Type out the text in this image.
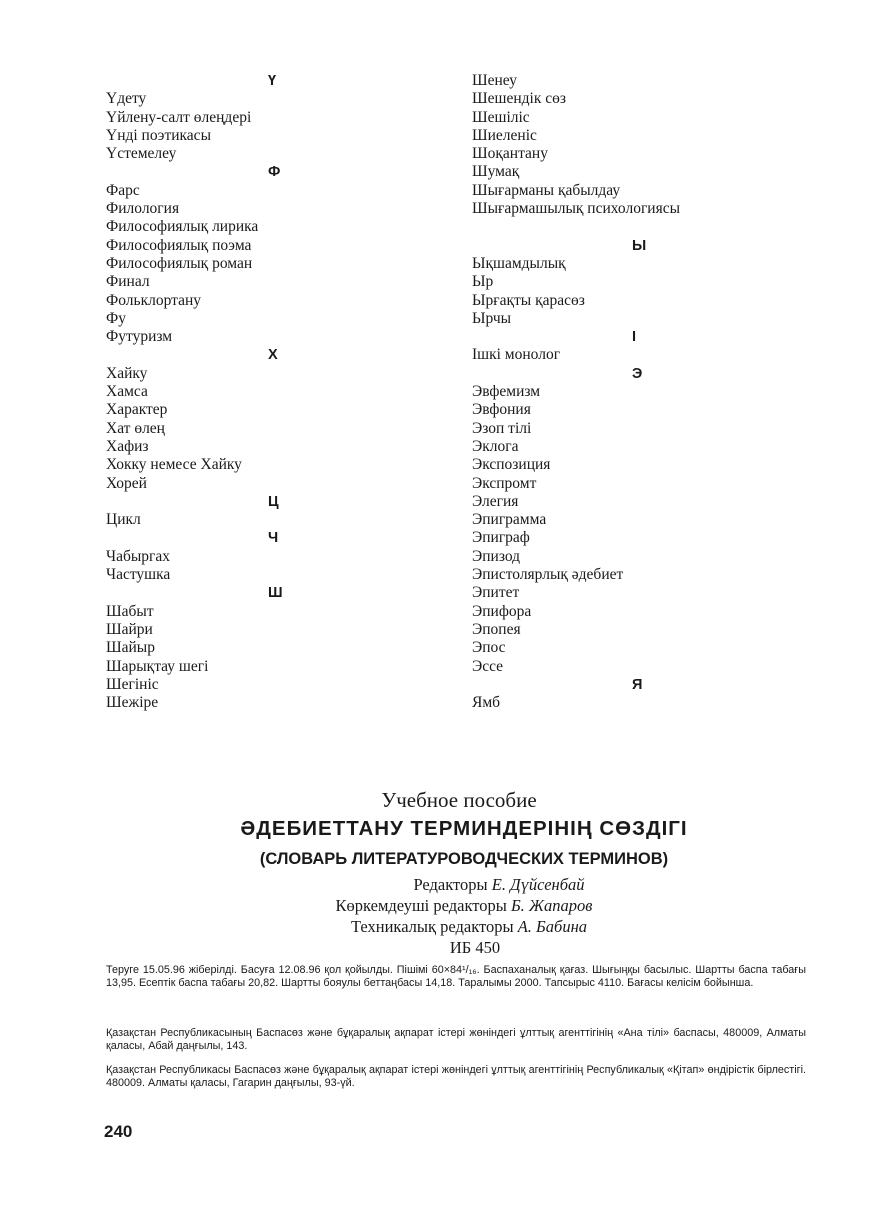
Ү
Үдету
Үйлену-салт өлеңдері
Үнді поэтикасы
Үстемелеу
Ф
Фарс
Филология
Философиялық лирика
Философиялық поэма
Философиялық роман
Финал
Фольклортану
Фу
Футуризм
Х
Хайку
Хамса
Характер
Хат өлең
Хафиз
Хокку немесе Хайку
Хорей
Ц
Цикл
Ч
Чабыргах
Частушка
Ш
Шабыт
Шайри
Шайыр
Шарықтау шегі
Шегініс
Шежіре
Шенеу
Шешендік сөз
Шешіліс
Шиеленіс
Шоқантану
Шумақ
Шығарманы қабылдау
Шығармашылық психологиясы
Ы
Ықшамдылық
Ыр
Ырғақты қарасөз
Ырчы
І
Ішкі монолог
Э
Эвфемизм
Эвфония
Эзоп тілі
Эклога
Экспозиция
Экспромт
Элегия
Эпиграмма
Эпиграф
Эпизод
Эпистолярлық әдебиет
Эпитет
Эпифора
Эпопея
Эпос
Эссе
Я
Ямб
Учебное пособие
ӘДЕБИЕТТАНУ ТЕРМИНДЕРІНІҢ СӨЗДІГІ
(СЛОВАРЬ ЛИТЕРАТУРОВОДЧЕСКИХ ТЕРМИНОВ)
Редакторы Е. Дүйсенбай
Көркемдеуші редакторы Б. Жапаров
Техникалық редакторы А. Бабина
ИБ 450
Теруге 15.05.96 жіберілді. Басуға 12.08.96 қол қойылды. Пішімі 60×84¹/₁₆. Баспаханалық қағаз. Шығыңқы басылыс. Шартты баспа табағы 13,95. Есептік баспа табағы 20,82. Шартты бояулы беттаңбасы 14,18. Таралымы 2000. Тапсырыс 4110. Бағасы келісім бойынша.
Қазақстан Республикасының Баспасөз және бұқаралық ақпарат істері жөніндегі ұлттық агенттігінің «Ана тілі» баспасы, 480009, Алматы қаласы, Абай даңғылы, 143.
Қазақстан Республикасы Баспасөз және бұқаралық ақпарат істері жөніндегі ұлттық агенттігінің Республикалық «Қітап» өндірістік бірлестігі. 480009. Алматы қаласы, Гагарин даңғылы, 93-үй.
240
